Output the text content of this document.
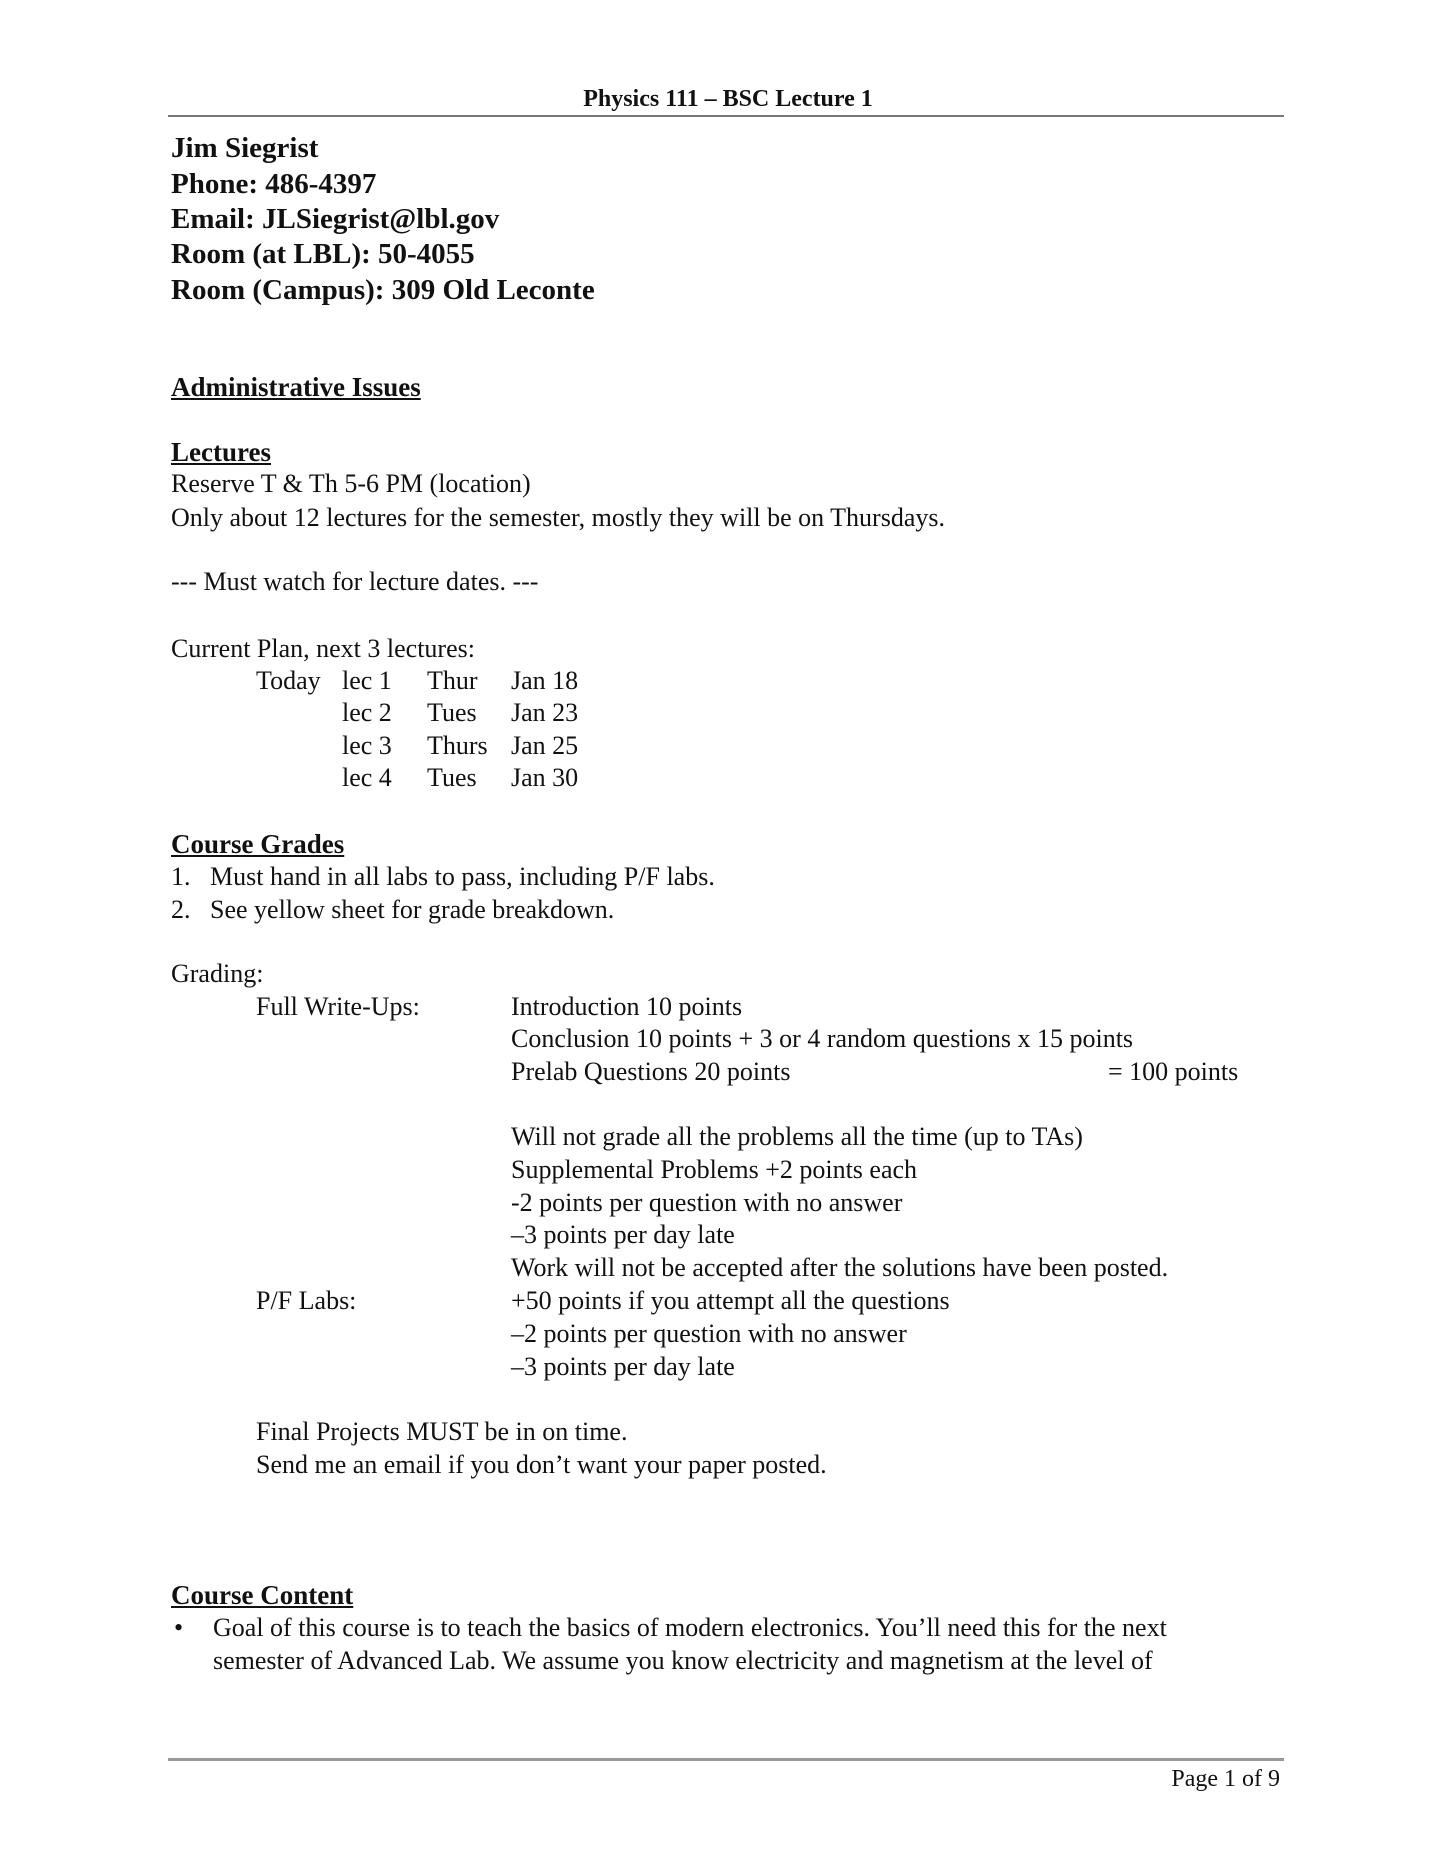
Physics 111 – BSC Lecture 1
Jim Siegrist
Phone: 486-4397
Email: JLSiegrist@lbl.gov
Room (at LBL): 50-4055
Room (Campus): 309 Old Leconte
Administrative Issues
Lectures
Reserve T & Th 5-6 PM (location)
Only about 12 lectures for the semester, mostly they will be on Thursdays.
--- Must watch for lecture dates. ---
Current Plan, next 3 lectures:
Today lec 1 Thur Jan 18
lec 2 Tues Jan 23
lec 3 Thurs Jan 25
lec 4 Tues Jan 30
Course Grades
1.   Must hand in all labs to pass, including P/F labs.
2.   See yellow sheet for grade breakdown.
Grading:
Full Write-Ups:	Introduction 10 points
Conclusion 10 points + 3 or 4 random questions x 15 points
Prelab Questions 20 points	= 100 points
Will not grade all the problems all the time (up to TAs)
Supplemental Problems +2 points each
-2 points per question with no answer
–3 points per day late
Work will not be accepted after the solutions have been posted.
P/F Labs:	+50 points if you attempt all the questions
–2 points per question with no answer
–3 points per day late
Final Projects MUST be in on time.
Send me an email if you don’t want your paper posted.
Course Content
• Goal of this course is to teach the basics of modern electronics. You’ll need this for the next
semester of Advanced Lab. We assume you know electricity and magnetism at the level of
Page 1 of 9
